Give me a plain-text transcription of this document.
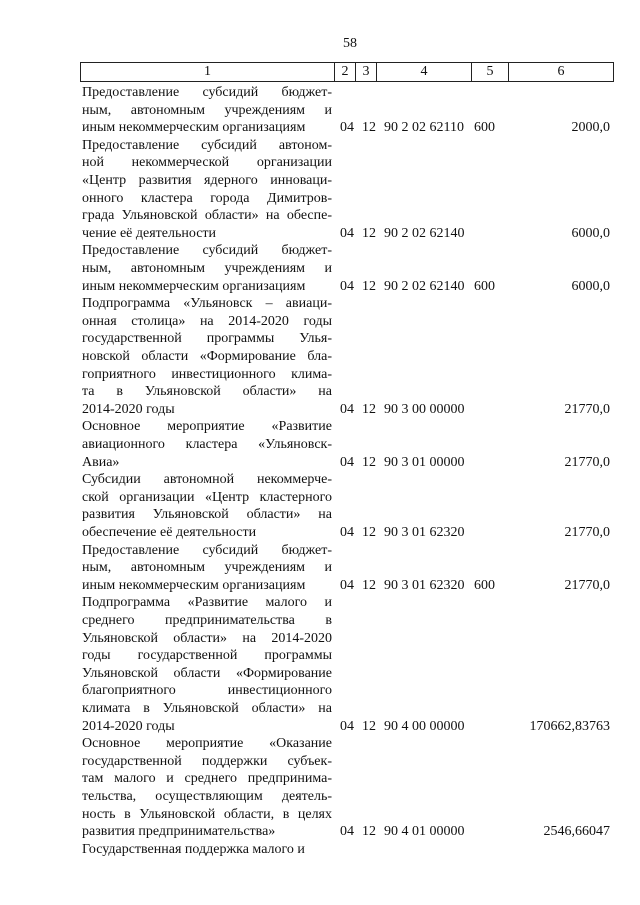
58
1	2	3	4	5	6
Предоставление субсидий бюджет-
ным, автономным учреждениям и
иным некоммерческим организациям	04 12 90 2 02 62110 600	2000,0
Предоставление субсидий автоном-
ной некоммерческой организации
«Центр развития ядерного инноваци-
онного кластера города Димитров-
града Ульяновской области» на обеспе-
чение её деятельности	04 12 90 2 02 62140	6000,0
Предоставление субсидий бюджет-
ным, автономным учреждениям и
иным некоммерческим организациям	04 12 90 2 02 62140 600	6000,0
Подпрограмма «Ульяновск – авиаци-
онная столица» на 2014-2020 годы
государственной программы Улья-
новской области «Формирование бла-
гоприятного инвестиционного клима-
та в Ульяновской области» на
2014-2020 годы	04 12 90 3 00 00000	21770,0
Основное мероприятие «Развитие
авиационного кластера «Ульяновск-
Авиа»	04 12 90 3 01 00000	21770,0
Субсидии автономной некоммерче-
ской организации «Центр кластерного
развития Ульяновской области» на
обеспечение её деятельности	04 12 90 3 01 62320	21770,0
Предоставление субсидий бюджет-
ным, автономным учреждениям и
иным некоммерческим организациям	04 12 90 3 01 62320 600	21770,0
Подпрограмма «Развитие малого и
среднего предпринимательства в
Ульяновской области» на 2014-2020
годы государственной программы
Ульяновской области «Формирование
благоприятного инвестиционного
климата в Ульяновской области» на
2014-2020 годы	04 12 90 4 00 00000	170662,83763
Основное мероприятие «Оказание
государственной поддержки субъек-
там малого и среднего предпринима-
тельства, осуществляющим деятель-
ность в Ульяновской области, в целях
развития предпринимательства»	04 12 90 4 01 00000	2546,66047
Государственная поддержка малого и
